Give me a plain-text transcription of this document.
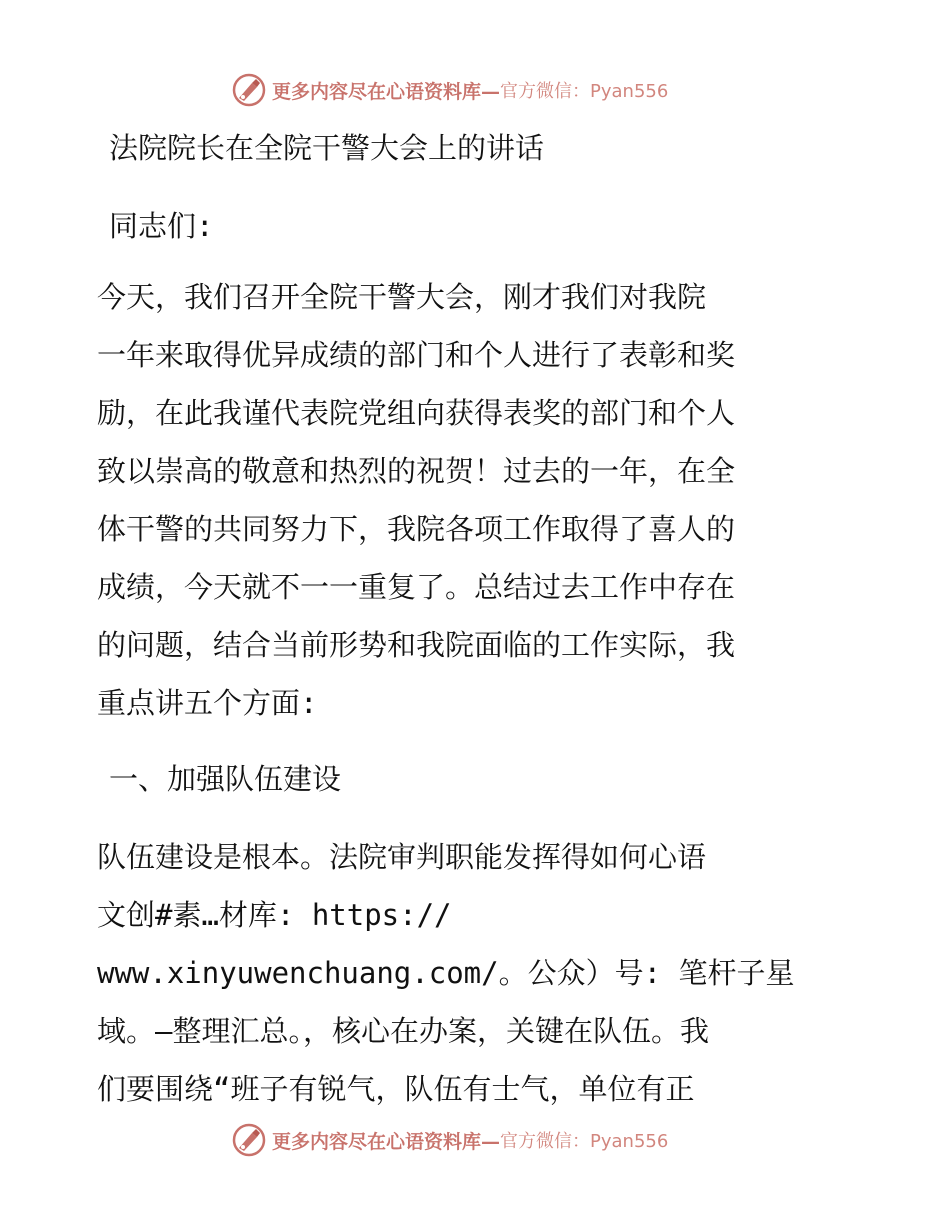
更多内容尽在心语资料库— 官方微信：Pyan556

法院院长在全院干警大会上的讲话

同志们:

今天，我们召开全院干警大会，刚才我们对我院
一年来取得优异成绩的部门和个人进行了表彰和奖
励，在此我谨代表院党组向获得表奖的部门和个人
致以崇高的敬意和热烈的祝贺！过去的一年，在全
体干警的共同努力下，我院各项工作取得了喜人的
成绩，今天就不一一重复了。总结过去工作中存在
的问题，结合当前形势和我院面临的工作实际，我
重点讲五个方面:

一、加强队伍建设

队伍建设是根本。法院审判职能发挥得如何心语
文创#素…材库: https://
www.xinyuwenchuang.com/。公众）号: 笔杆子星
域。—整理汇总。，核心在办案，关键在队伍。我
们要围绕“班子有锐气，队伍有士气，单位有正
更多内容尽在心语资料库— 官方微信：Pyan556
